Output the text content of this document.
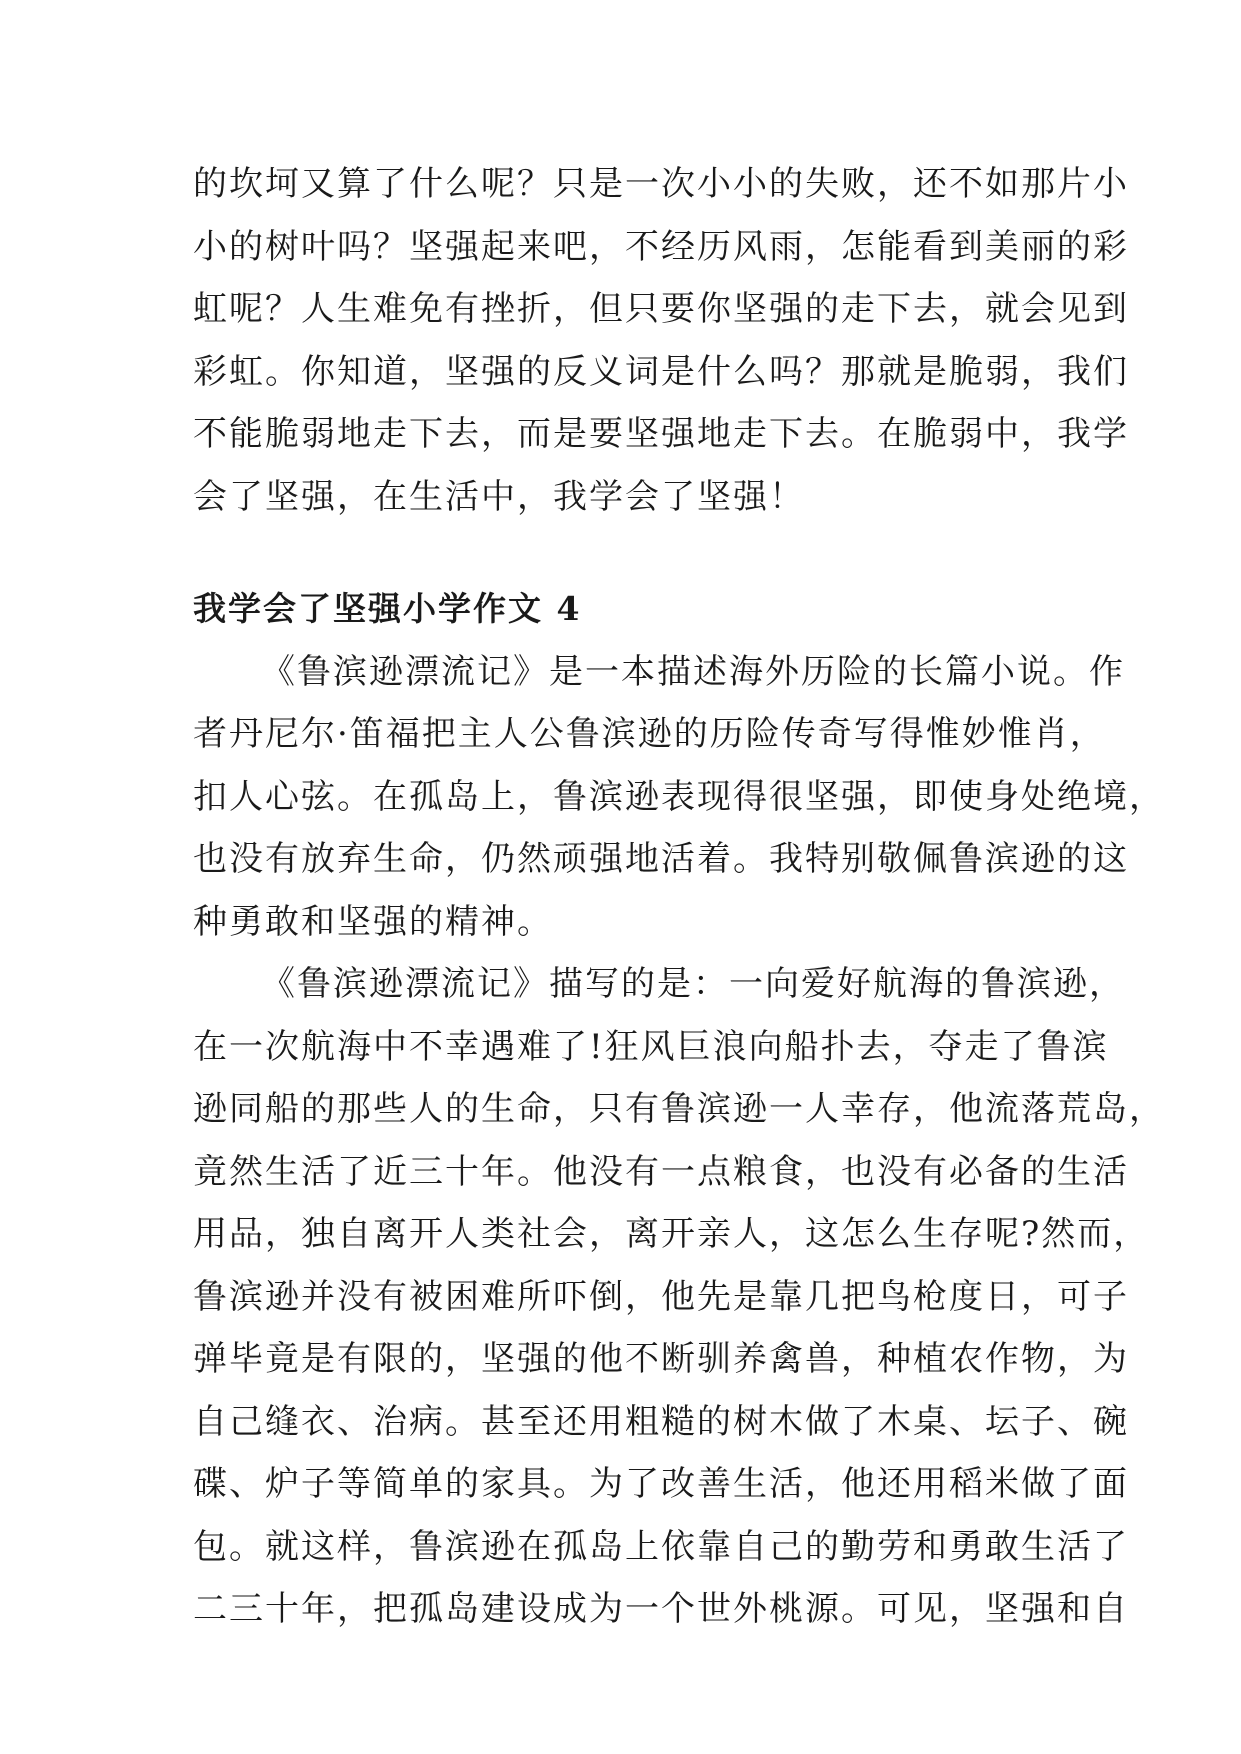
的坎坷又算了什么呢？只是一次小小的失败，还不如那片小
小的树叶吗？坚强起来吧，不经历风雨，怎能看到美丽的彩
虹呢？人生难免有挫折，但只要你坚强的走下去，就会见到
彩虹。你知道，坚强的反义词是什么吗？那就是脆弱，我们
不能脆弱地走下去，而是要坚强地走下去。在脆弱中，我学
会了坚强，在生活中，我学会了坚强！

我学会了坚强小学作文 4

《鲁滨逊漂流记》是一本描述海外历险的长篇小说。作
者丹尼尔·笛福把主人公鲁滨逊的历险传奇写得惟妙惟肖，
扣人心弦。在孤岛上，鲁滨逊表现得很坚强，即使身处绝境，
也没有放弃生命，仍然顽强地活着。我特别敬佩鲁滨逊的这
种勇敢和坚强的精神。

《鲁滨逊漂流记》描写的是：一向爱好航海的鲁滨逊，
在一次航海中不幸遇难了!狂风巨浪向船扑去，夺走了鲁滨
逊同船的那些人的生命，只有鲁滨逊一人幸存，他流落荒岛，
竟然生活了近三十年。他没有一点粮食，也没有必备的生活
用品，独自离开人类社会，离开亲人，这怎么生存呢?然而，
鲁滨逊并没有被困难所吓倒，他先是靠几把鸟枪度日，可子
弹毕竟是有限的，坚强的他不断驯养禽兽，种植农作物，为
自己缝衣、治病。甚至还用粗糙的树木做了木桌、坛子、碗
碟、炉子等简单的家具。为了改善生活，他还用稻米做了面
包。就这样，鲁滨逊在孤岛上依靠自己的勤劳和勇敢生活了
二三十年，把孤岛建设成为一个世外桃源。可见，坚强和自
